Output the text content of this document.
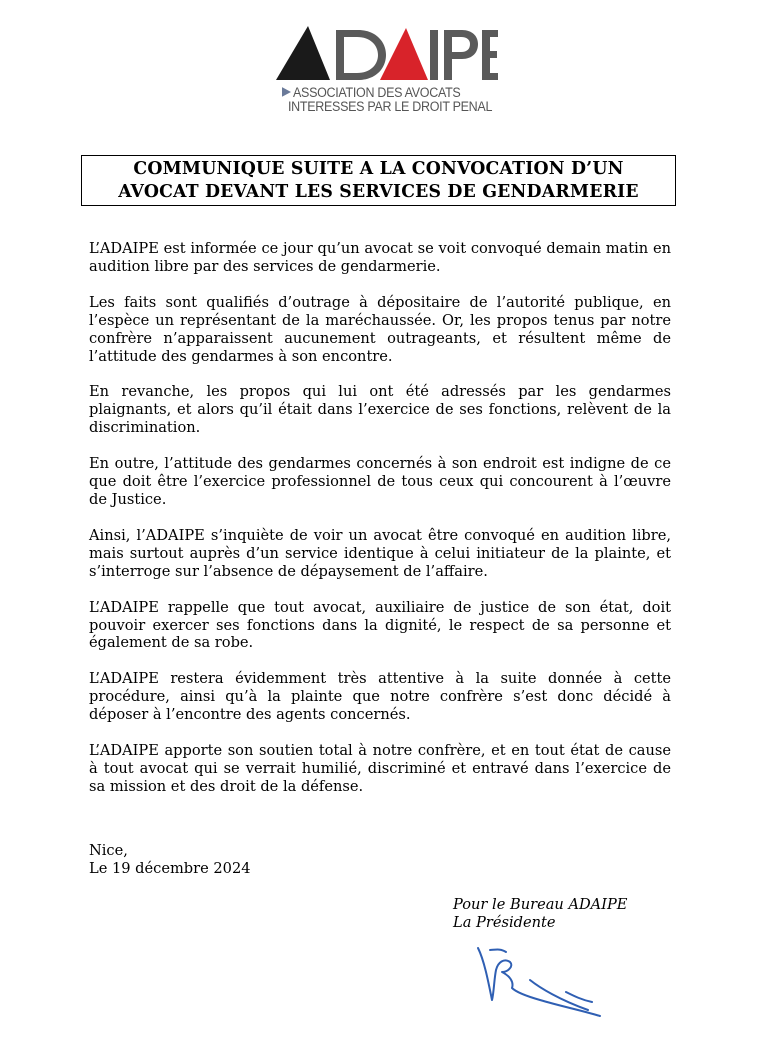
ASSOCIATION DES AVOCATS
INTERESSES PAR LE DROIT PENAL
COMMUNIQUE SUITE A LA CONVOCATION D’UN
AVOCAT DEVANT LES SERVICES DE GENDARMERIE

L’ADAIPE est informée ce jour qu’un avocat se voit convoqué demain matin en audition libre par des services de gendarmerie.

Les faits sont qualifiés d’outrage à dépositaire de l’autorité publique, en l’espèce un représentant de la maréchaussée. Or, les propos tenus par notre confrère n’apparaissent aucunement outrageants, et résultent même de l’attitude des gendarmes à son encontre.

En revanche, les propos qui lui ont été adressés par les gendarmes plaignants, et alors qu’il était dans l’exercice de ses fonctions, relèvent de la discrimination.

En outre, l’attitude des gendarmes concernés à son endroit est indigne de ce que doit être l’exercice professionnel de tous ceux qui concourent à l’œuvre de Justice.

Ainsi, l’ADAIPE s’inquiète de voir un avocat être convoqué en audition libre, mais surtout auprès d’un service identique à celui initiateur de la plainte, et s’interroge sur l’absence de dépaysement de l’affaire.

L’ADAIPE rappelle que tout avocat, auxiliaire de justice de son état, doit pouvoir exercer ses fonctions dans la dignité, le respect de sa personne et également de sa robe.

L’ADAIPE restera évidemment très attentive à la suite donnée à cette procédure, ainsi qu’à la plainte que notre confrère s’est donc décidé à déposer à l’encontre des agents concernés.

L’ADAIPE apporte son soutien total à notre confrère, et en tout état de cause à tout avocat qui se verrait humilié, discriminé et entravé dans l’exercice de sa mission et des droit de la défense.

Nice,
Le 19 décembre 2024
Pour le Bureau ADAIPE
La Présidente
